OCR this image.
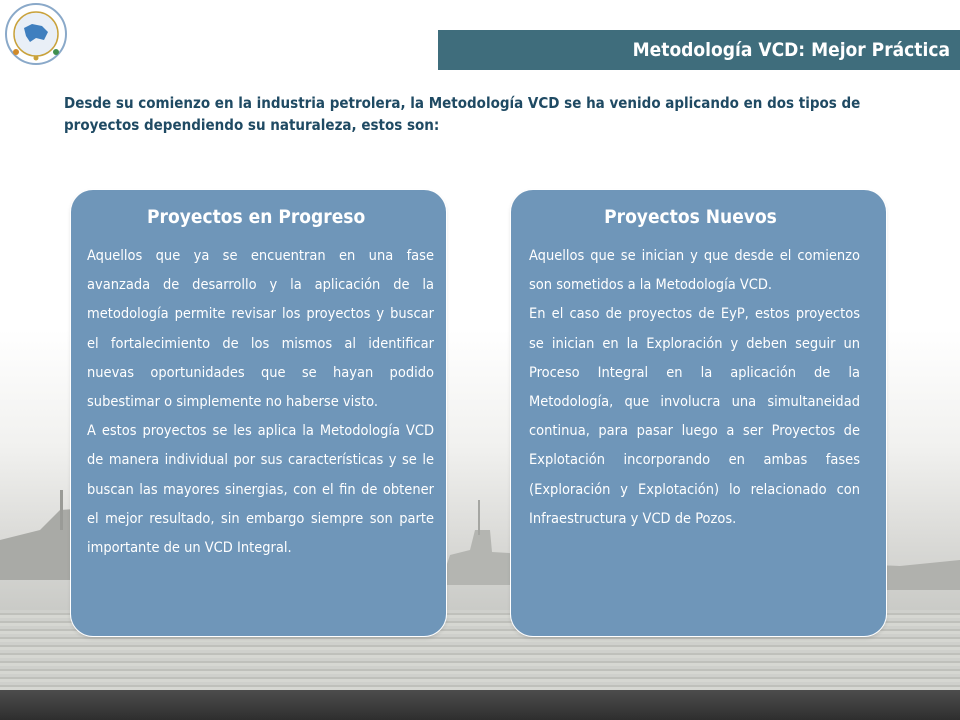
Metodología VCD: Mejor Práctica
Desde su comienzo en la industria petrolera, la Metodología VCD se ha venido aplicando en dos tipos de proyectos dependiendo su naturaleza, estos son:
Proyectos en Progreso

Aquellos que ya se encuentran en una fase avanzada de desarrollo y la aplicación de la metodología permite revisar los proyectos y buscar el fortalecimiento de los mismos al identificar nuevas oportunidades que se hayan podido subestimar o simplemente no haberse visto.

A estos proyectos se les aplica la Metodología VCD de manera individual por sus características y se le buscan las mayores sinergias, con el fin de obtener el mejor resultado, sin embargo siempre son parte importante de un VCD Integral.

Proyectos Nuevos

Aquellos que se inician y que desde el comienzo son sometidos a la Metodología VCD.

En el caso de proyectos de EyP, estos proyectos se inician en la Exploración y deben seguir un Proceso Integral en la aplicación de la Metodología, que involucra una simultaneidad continua, para pasar luego a ser Proyectos de Explotación incorporando en ambas fases (Exploración y Explotación) lo relacionado con Infraestructura y VCD de Pozos.
